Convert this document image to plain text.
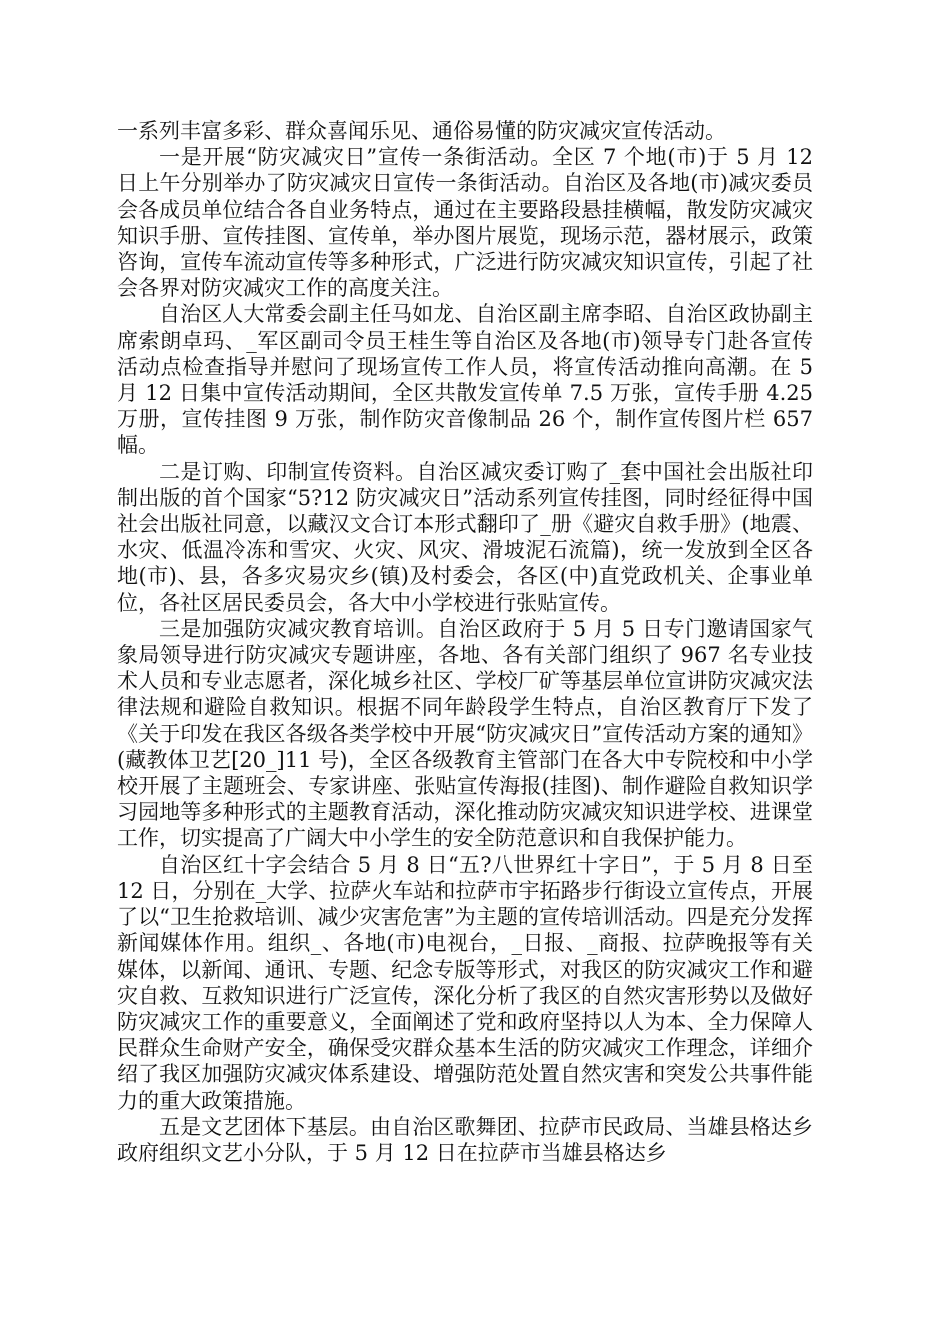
一系列丰富多彩、群众喜闻乐见、通俗易懂的防灾减灾宣传活动。

一是开展“防灾减灾日”宣传一条街活动。全区 7 个地(市)于 5 月 12 日上午分别举办了防灾减灾日宣传一条街活动。自治区及各地(市)减灾委员会各成员单位结合各自业务特点，通过在主要路段悬挂横幅，散发防灾减灾知识手册、宣传挂图、宣传单，举办图片展览，现场示范，器材展示，政策咨询，宣传车流动宣传等多种形式，广泛进行防灾减灾知识宣传，引起了社会各界对防灾减灾工作的高度关注。

自治区人大常委会副主任马如龙、自治区副主席李昭、自治区政协副主席索朗卓玛、_军区副司令员王桂生等自治区及各地(市)领导专门赴各宣传活动点检查指导并慰问了现场宣传工作人员，将宣传活动推向高潮。在 5 月 12 日集中宣传活动期间，全区共散发宣传单 7.5 万张，宣传手册 4.25 万册，宣传挂图 9 万张，制作防灾音像制品 26 个，制作宣传图片栏 657 幅。

二是订购、印制宣传资料。自治区减灾委订购了_套中国社会出版社印制出版的首个国家“5?12 防灾减灾日”活动系列宣传挂图，同时经征得中国社会出版社同意，以藏汉文合订本形式翻印了_册《避灾自救手册》(地震、水灾、低温冷冻和雪灾、火灾、风灾、滑坡泥石流篇)，统一发放到全区各地(市)、县，各多灾易灾乡(镇)及村委会，各区(中)直党政机关、企事业单位，各社区居民委员会，各大中小学校进行张贴宣传。

三是加强防灾减灾教育培训。自治区政府于 5 月 5 日专门邀请国家气象局领导进行防灾减灾专题讲座，各地、各有关部门组织了 967 名专业技术人员和专业志愿者，深化城乡社区、学校厂矿等基层单位宣讲防灾减灾法律法规和避险自救知识。根据不同年龄段学生特点，自治区教育厅下发了《关于印发在我区各级各类学校中开展“防灾减灾日”宣传活动方案的通知》(藏教体卫艺[20_]11 号)，全区各级教育主管部门在各大中专院校和中小学校开展了主题班会、专家讲座、张贴宣传海报(挂图)、制作避险自救知识学习园地等多种形式的主题教育活动，深化推动防灾减灾知识进学校、进课堂工作，切实提高了广阔大中小学生的安全防范意识和自我保护能力。

自治区红十字会结合 5 月 8 日“五?八世界红十字日”，于 5 月 8 日至 12 日，分别在_大学、拉萨火车站和拉萨市宇拓路步行街设立宣传点，开展了以“卫生抢救培训、减少灾害危害”为主题的宣传培训活动。四是充分发挥新闻媒体作用。组织_、各地(市)电视台，_日报、_商报、拉萨晚报等有关媒体，以新闻、通讯、专题、纪念专版等形式，对我区的防灾减灾工作和避灾自救、互救知识进行广泛宣传，深化分析了我区的自然灾害形势以及做好防灾减灾工作的重要意义，全面阐述了党和政府坚持以人为本、全力保障人民群众生命财产安全，确保受灾群众基本生活的防灾减灾工作理念，详细介绍了我区加强防灾减灾体系建设、增强防范处置自然灾害和突发公共事件能力的重大政策措施。

五是文艺团体下基层。由自治区歌舞团、拉萨市民政局、当雄县格达乡政府组织文艺小分队，于 5 月 12 日在拉萨市当雄县格达乡
